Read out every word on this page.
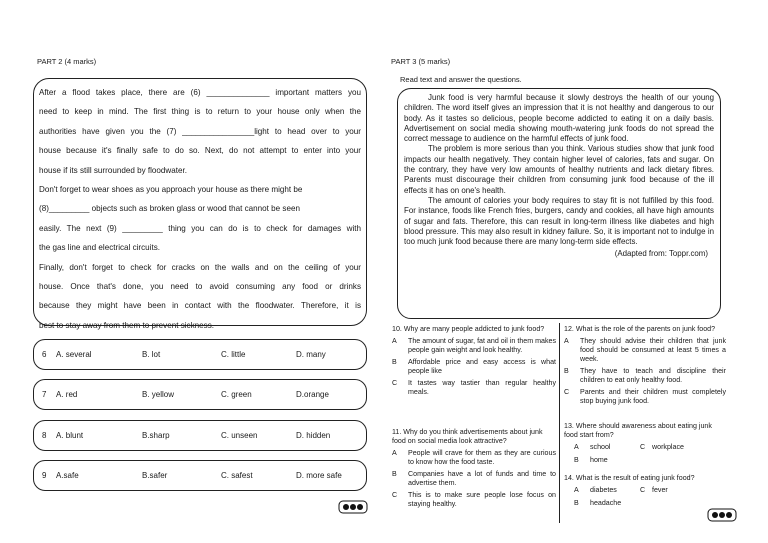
PART 2 (4 marks)

After a flood takes place, there are (6) ______________ important matters you

need to keep in mind. The first thing is to return to your house only when the

authorities have given you the (7) ________________light to head over to your

house because it's finally safe to do so. Next, do not attempt to enter into your

house if its still surrounded by floodwater.

Don't forget to wear shoes as you approach your house as there might be

(8)_________ objects such as broken glass or wood that cannot be seen

easily. The next (9) _________ thing you can do is to check for damages with

the gas line and electrical circuits.

Finally, don't forget to check for cracks on the walls and on the ceiling of your

house. Once that's done, you need to avoid consuming any food or drinks

because they might have been in contact with the floodwater. Therefore, it is

best to stay away from them to prevent sickness.

6 A. several	B. lot	C. little	D. many
7 A. red	B. yellow	C. green	D.orange
8 A. blunt	B.sharp	C. unseen	D. hidden
9 A.safe	B.safer	C. safest	D. more safe
PART 3 (5 marks)
Read text and answer the questions.

Junk food is very harmful because it slowly destroys the health of our young children. The word itself gives an impression that it is not healthy and dangerous to our body. As it tastes so delicious, people become addicted to eating it on a daily basis. Advertisement on social media showing mouth-watering junk foods do not spread the correct message to audience on the harmful effects of junk food.

The problem is more serious than you think. Various studies show that junk food impacts our health negatively. They contain higher level of calories, fats and sugar. On the contrary, they have very low amounts of healthy nutrients and lack dietary fibres. Parents must discourage their children from consuming junk food because of the ill effects it has on one's health.

The amount of calories your body requires to stay fit is not fulfilled by this food. For instance, foods like French fries, burgers, candy and cookies, all have high amounts of sugar and fats. Therefore, this can result in long-term illness like diabetes and high blood pressure. This may also result in kidney failure. So, it is important not to indulge in too much junk food because there are many long-term side effects.

(Adapted from: Toppr.com)

10. Why are many people addicted to junk food?
A The amount of sugar, fat and oil in them makes people gain weight and look healthy.
B Affordable price and easy access is what people like
C It tastes way tastier than regular healthy meals.
11. Why do you think advertisements about junk food on social media look attractive?
A People will crave for them as they are curious to know how the food taste.
B Companies have a lot of funds and time to advertise them.
C This is to make sure people lose focus on staying healthy.
12. What is the role of the parents on junk food?
A They should advise their children that junk food should be consumed at least 5 times a week.
B They have to teach and discipline their children to eat only healthy food.
C Parents and their children must completely stop buying junk food.
13. Where should awareness about eating junk food start from?
A school	C workplace
B home
14. What is the result of eating junk food?
A diabetes	C fever
B headache
